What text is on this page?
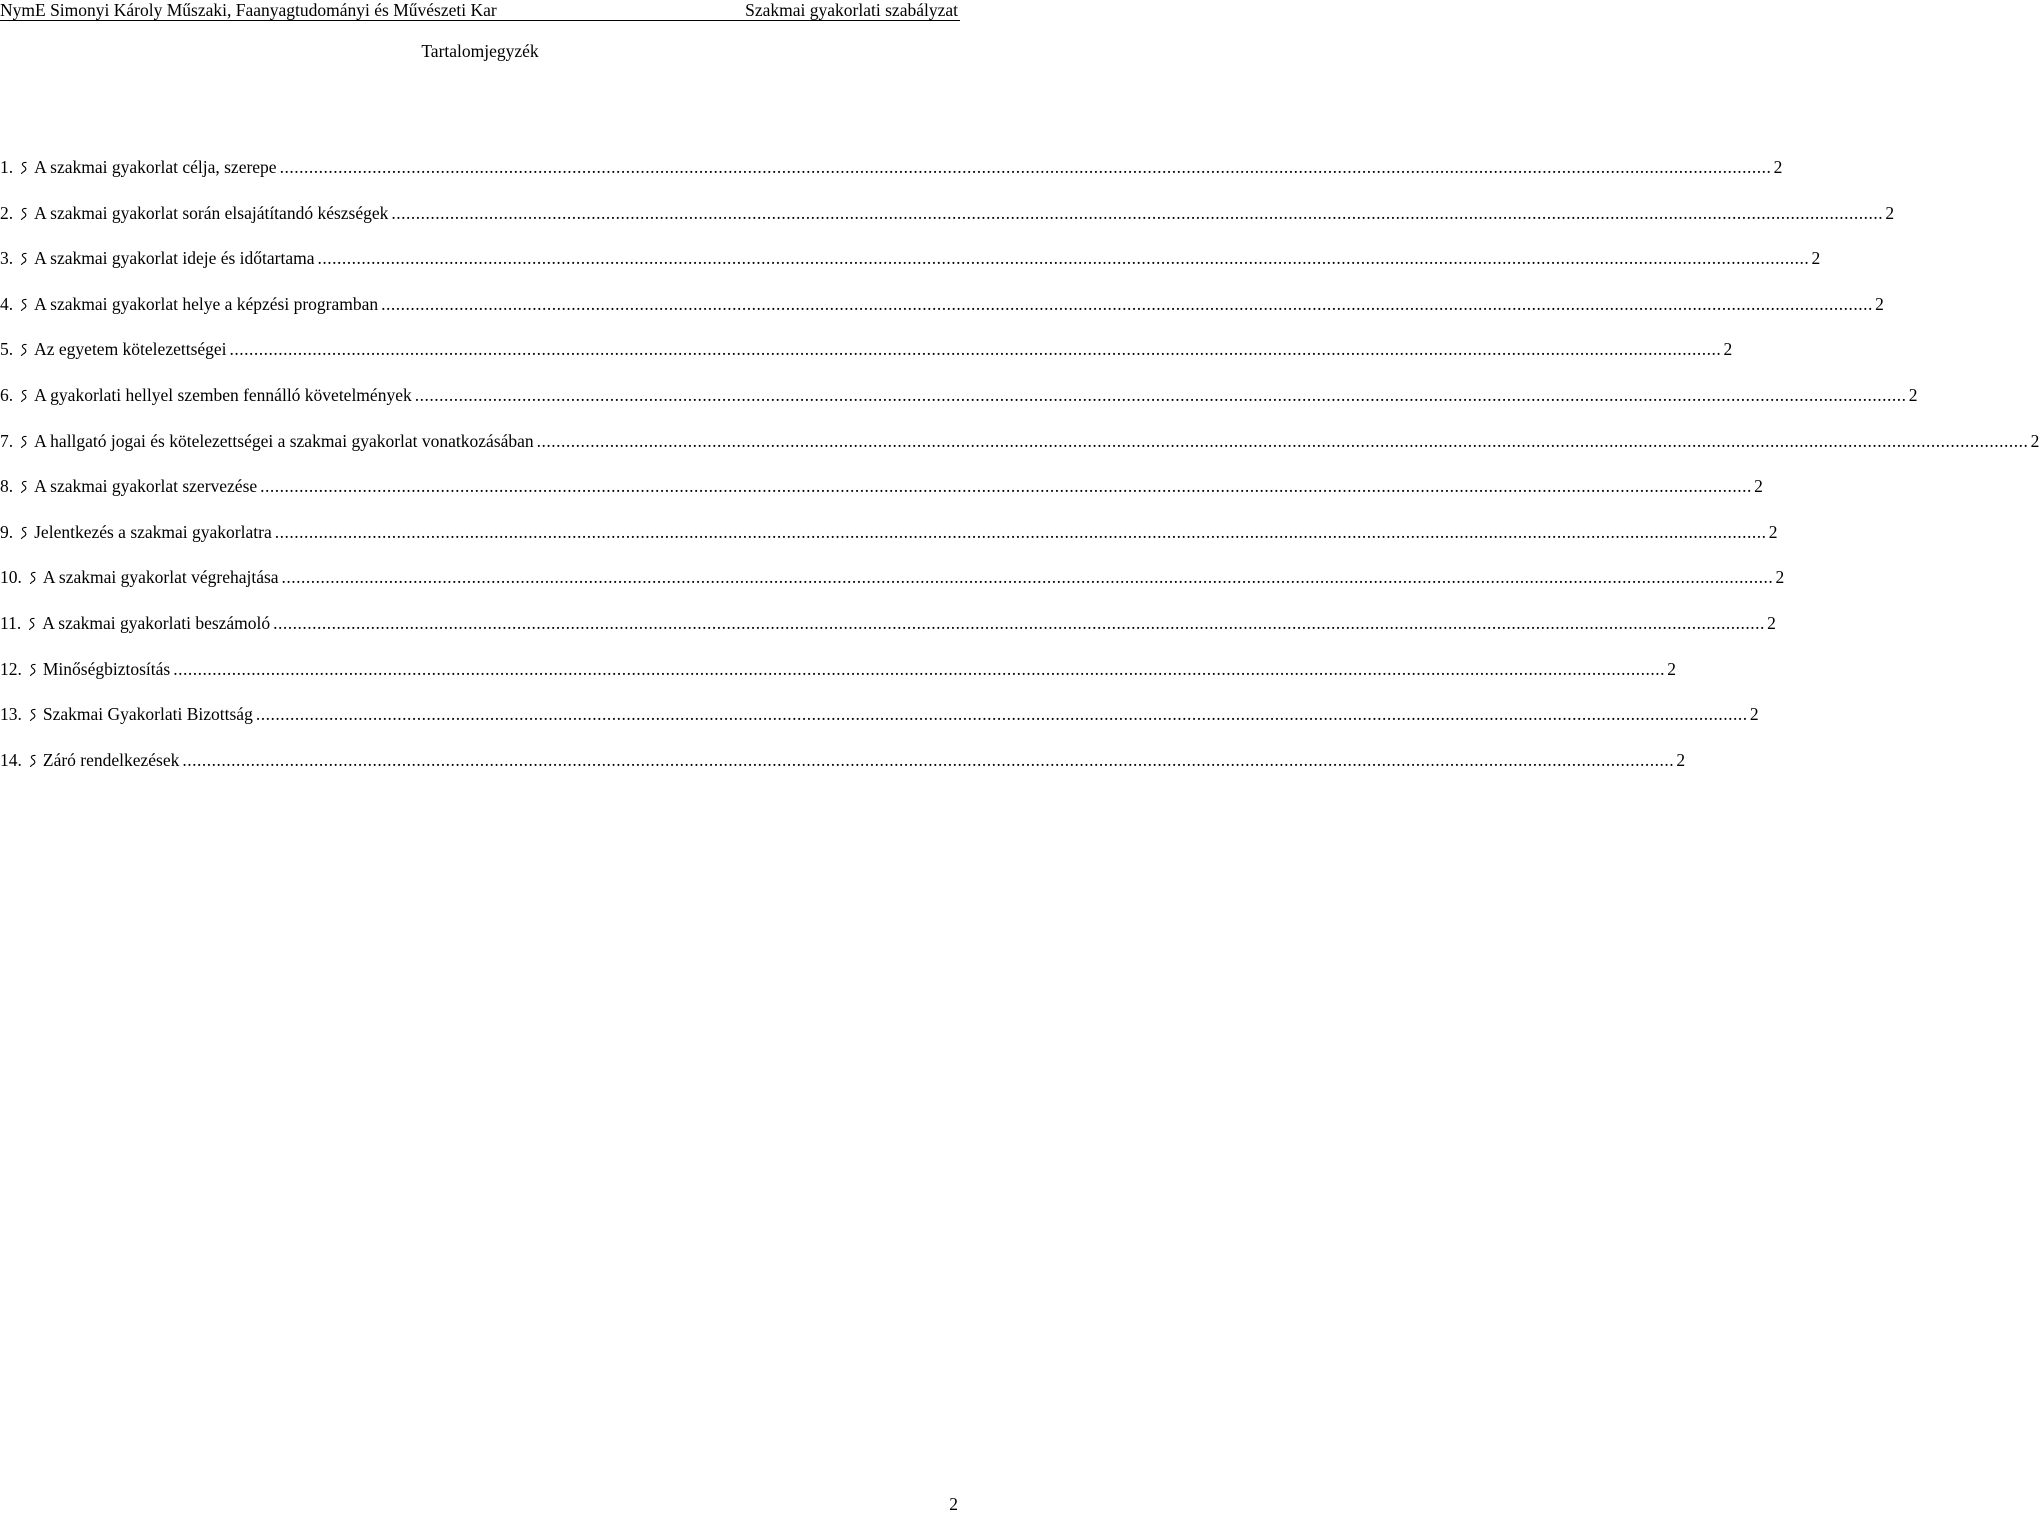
NymE Simonyi Károly Műszaki, Faanyagtudományi és Művészeti Kar	Szakmai gyakorlati szabályzat
Tartalomjegyzék
1. A szakmai gyakorlat célja, szerepe .....	2
2. A szakmai gyakorlat során elsajátítandó készségek .....	2
3. A szakmai gyakorlat ideje és időtartama .....	2
4. A szakmai gyakorlat helye a képzési programban .....	2
5. Az egyetem kötelezettségei .....	2
6. A gyakorlati hellyel szemben fennálló követelmények .....	2
7. A hallgató jogai és kötelezettségei a szakmai gyakorlat vonatkozásában .....	2
8. A szakmai gyakorlat szervezése .....	2
9. Jelentkezés a szakmai gyakorlatra .....	2
10. A szakmai gyakorlat végrehajtása .....	2
11. A szakmai gyakorlati beszámoló .....	2
12. Minőségbiztosítás .....	2
13. Szakmai Gyakorlati Bizottság .....	2
14. Záró rendelkezések .....	2
2
